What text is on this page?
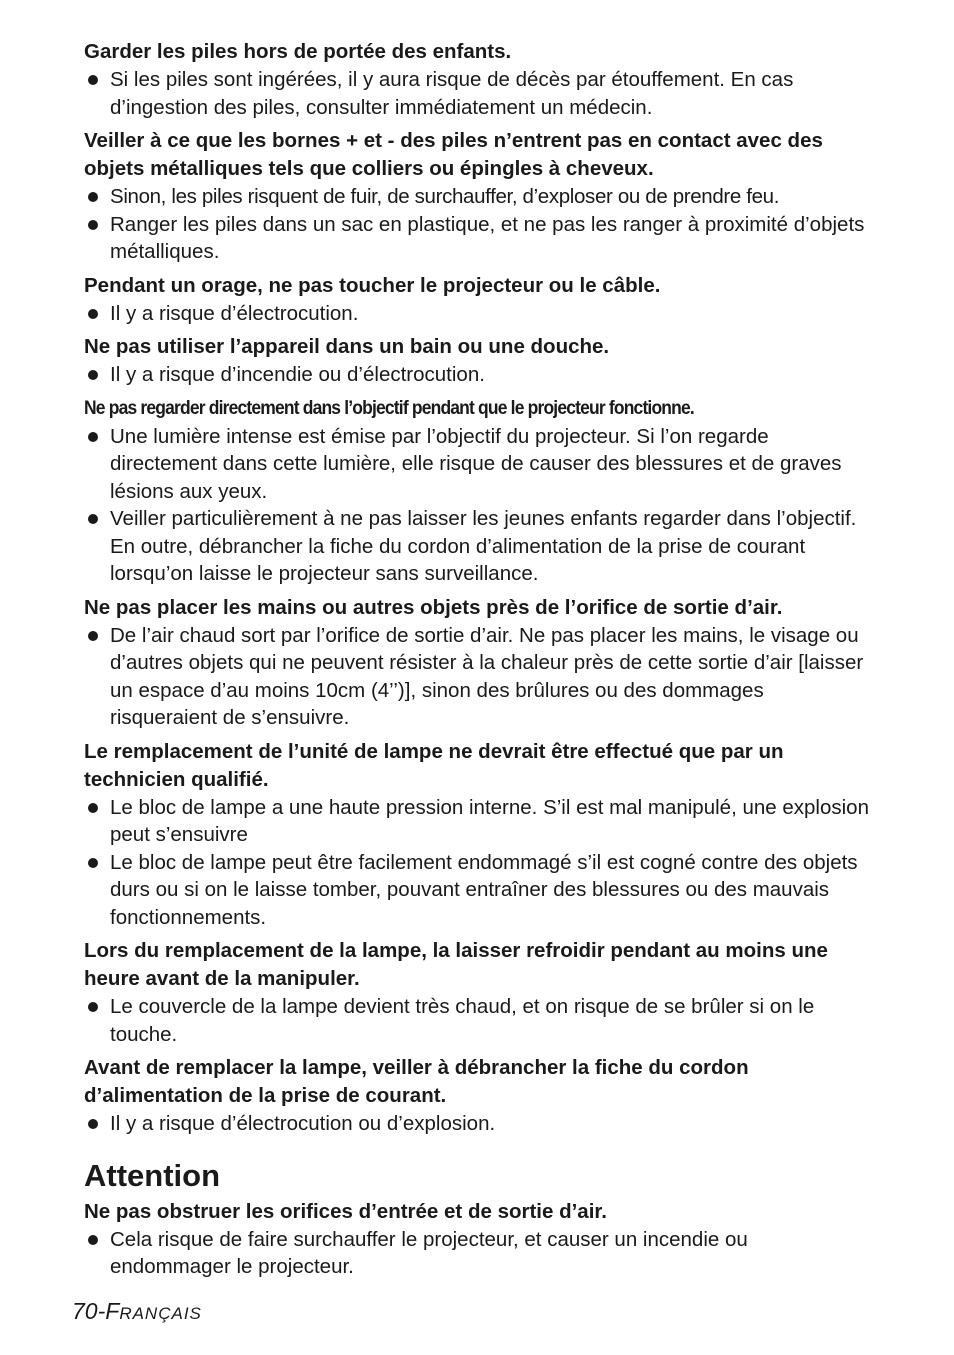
Garder les piles hors de portée des enfants.

Si les piles sont ingérées, il y aura risque de décès par étouffement. En cas d’ingestion des piles, consulter immédiatement un médecin.

Veiller à ce que les bornes + et - des piles n’entrent pas en contact avec des objets métalliques tels que colliers ou épingles à cheveux.

Sinon, les piles risquent de fuir, de surchauffer, d’exploser ou de prendre feu.
Ranger les piles dans un sac en plastique, et ne pas les ranger à proximité d’objets métalliques.

Pendant un orage, ne pas toucher le projecteur ou le câble.

Il y a risque d’électrocution.

Ne pas utiliser l’appareil dans un bain ou une douche.

Il y a risque d’incendie ou d’électrocution.

Ne pas regarder directement dans l’objectif pendant que le projecteur fonctionne.

Une lumière intense est émise par l’objectif du projecteur. Si l’on regarde directement dans cette lumière, elle risque de causer des blessures et de graves lésions aux yeux.
Veiller particulièrement à ne pas laisser les jeunes enfants regarder dans l’objectif. En outre, débrancher la fiche du cordon d’alimentation de la prise de courant lorsqu’on laisse le projecteur sans surveillance.

Ne pas placer les mains ou autres objets près de l’orifice de sortie d’air.

De l’air chaud sort par l’orifice de sortie d’air. Ne pas placer les mains, le visage ou d’autres objets qui ne peuvent résister à la chaleur près de cette sortie d’air [laisser un espace d’au moins 10cm (4’’)], sinon des brûlures ou des dommages risqueraient de s’ensuivre.

Le remplacement de l’unité de lampe ne devrait être effectué que par un technicien qualifié.

Le bloc de lampe a une haute pression interne. S’il est mal manipulé, une explosion peut s’ensuivre
Le bloc de lampe peut être facilement endommagé s’il est cogné contre des objets durs ou si on le laisse tomber, pouvant entraîner des blessures ou des mauvais fonctionnements.

Lors du remplacement de la lampe, la laisser refroidir pendant au moins une heure avant de la manipuler.

Le couvercle de la lampe devient très chaud, et on risque de se brûler si on le touche.

Avant de remplacer la lampe, veiller à débrancher la fiche du cordon d’alimentation de la prise de courant.

Il y a risque d’électrocution ou d’explosion.
Attention

Ne pas obstruer les orifices d’entrée et de sortie d’air.

Cela risque de faire surchauffer le projecteur, et causer un incendie ou endommager le projecteur.
70-FRANÇAIS
